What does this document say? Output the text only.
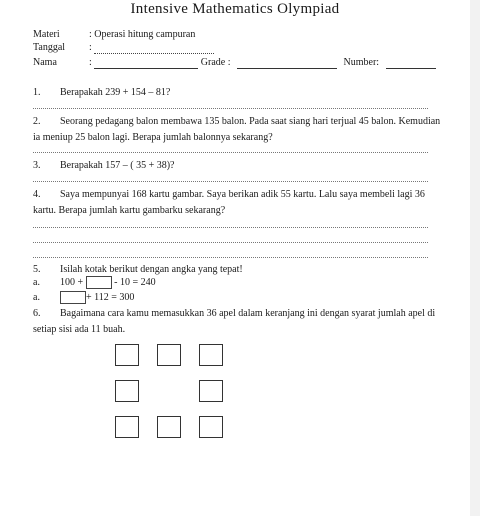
Intensive Mathematics Olympiad
Materi	: Operasi hitung campuran
Tanggal :
Nama	:	Grade :	Number:
1. Berapakah 239 + 154 – 81?
2. Seorang pedagang balon membawa 135 balon. Pada saat siang hari terjual 45 balon. Kemudian ia meniup 25 balon lagi. Berapa jumlah balonnya sekarang?
3. Berapakah 157 – ( 35 + 38)?
4. Saya mempunyai 168 kartu gambar. Saya berikan adik 55 kartu. Lalu saya membeli lagi 36 kartu. Berapa jumlah kartu gambarku sekarang?
5. Isilah kotak berikut dengan angka yang tepat!
a. 100 +	- 10 = 240
a.	+ 112 = 300
6. Bagaimana cara kamu memasukkan 36 apel dalam keranjang ini dengan syarat jumlah apel di setiap sisi ada 11 buah.
